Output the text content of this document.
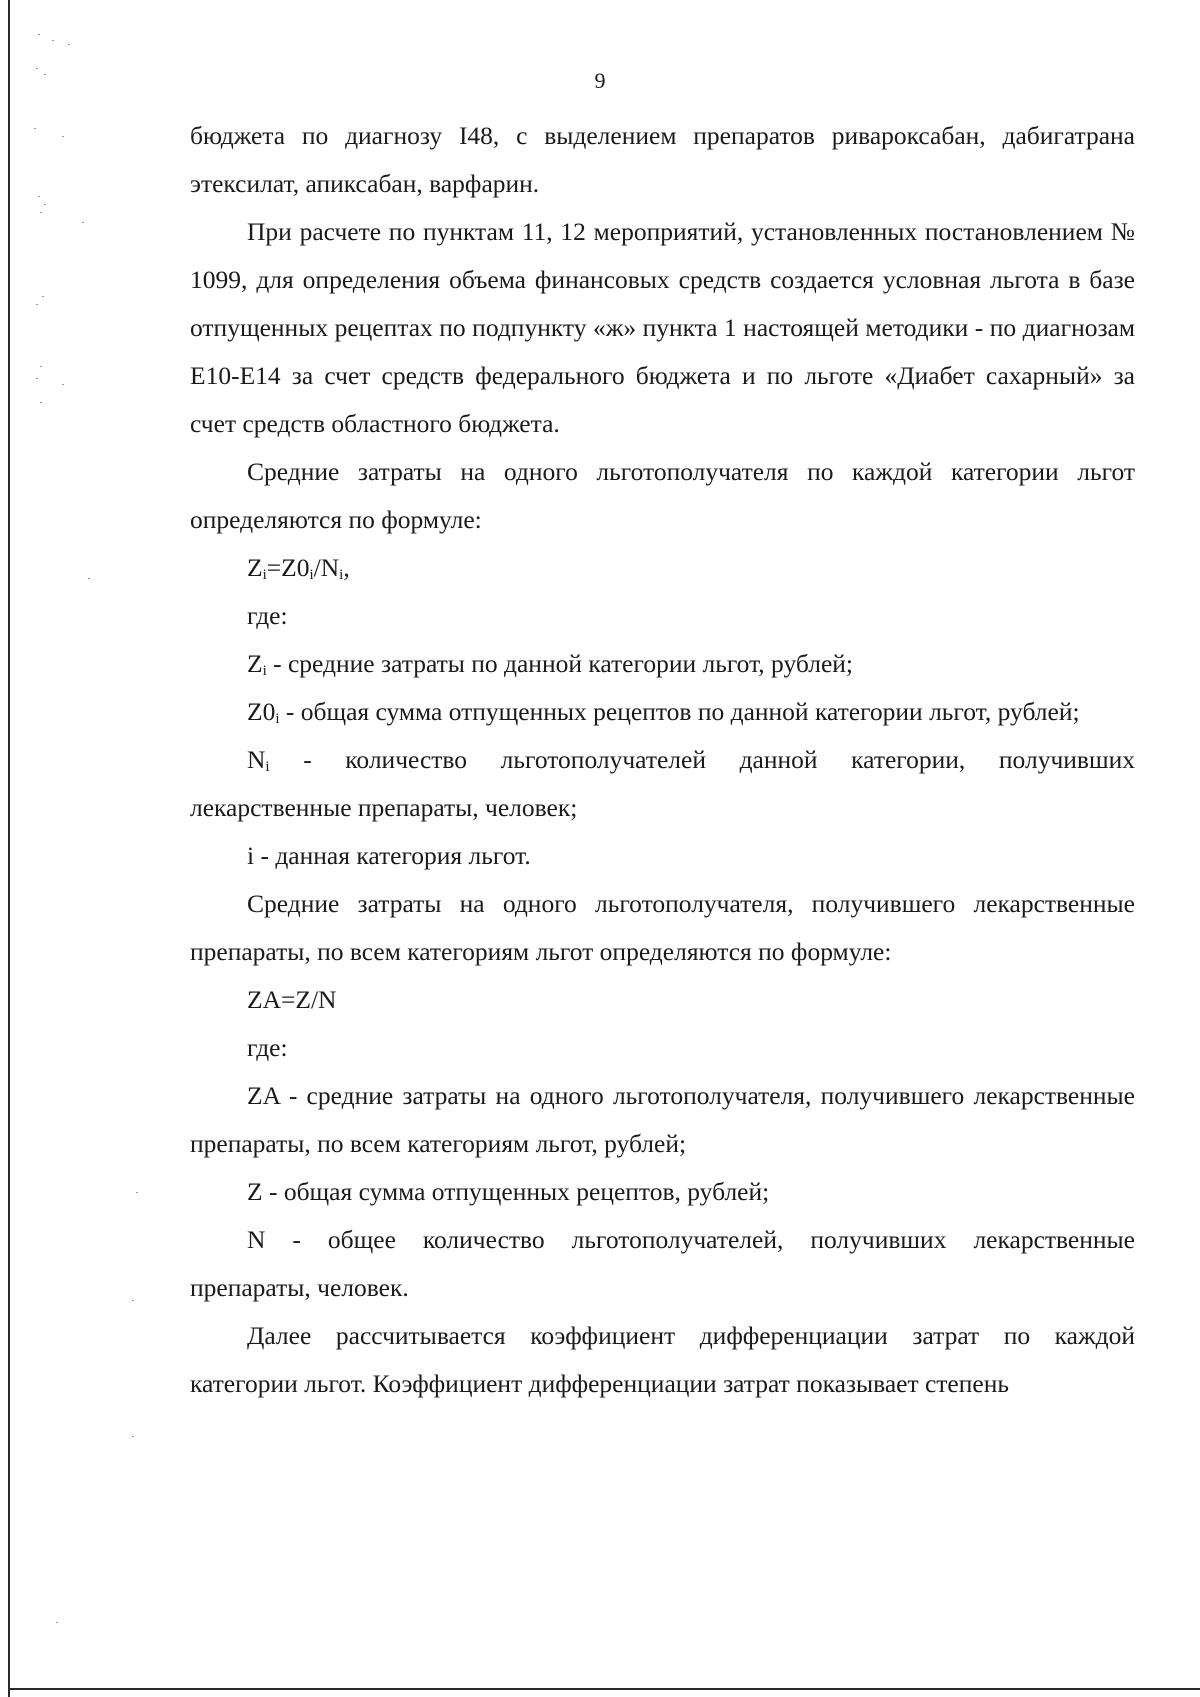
9

бюджета по диагнозу I48, с выделением препаратов ривароксабан, дабигатрана этексилат, апиксабан, варфарин.

При расчете по пунктам 11, 12 мероприятий, установленных постановлением № 1099, для определения объема финансовых средств создается условная льгота в базе отпущенных рецептах по подпункту «ж» пункта 1 настоящей методики - по диагнозам E10-E14 за счет средств федерального бюджета и по льготе «Диабет сахарный» за счет средств областного бюджета.

Средние затраты на одного льготополучателя по каждой категории льгот определяются по формуле:

$Z_i=Z0_i/N_i$,

где:

$Z_i$ - средние затраты по данной категории льгот, рублей;

$Z0_i$ - общая сумма отпущенных рецептов по данной категории льгот, рублей;

$N_i$ - количество льготополучателей данной категории, получивших лекарственные препараты, человек;

i - данная категория льгот.

Средние затраты на одного льготополучателя, получившего лекарственные препараты, по всем категориям льгот определяются по формуле:

ZA=Z/N

где:

ZA - средние затраты на одного льготополучателя, получившего лекарственные препараты, по всем категориям льгот, рублей;

Z - общая сумма отпущенных рецептов, рублей;

N - общее количество льготополучателей, получивших лекарственные препараты, человек.

Далее рассчитывается коэффициент дифференциации затрат по каждой категории льгот. Коэффициент дифференциации затрат показывает степень
